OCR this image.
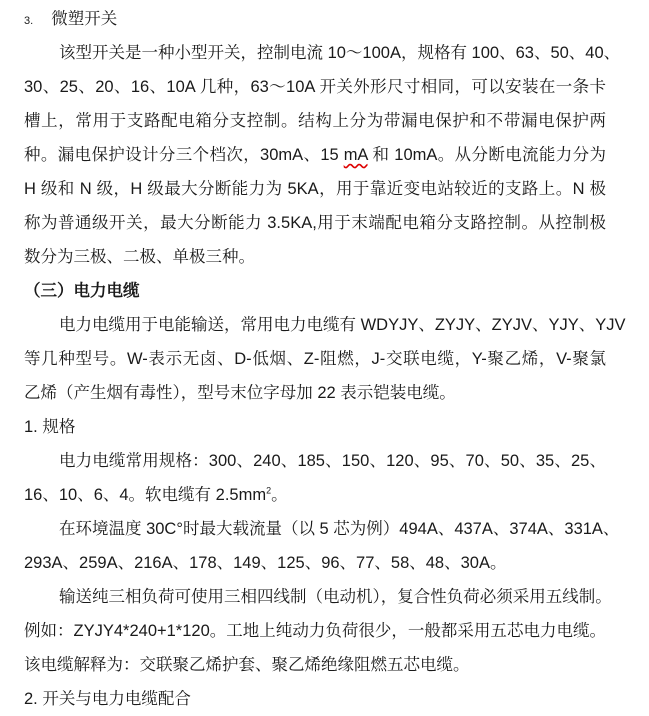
3. 微塑开关
该型开关是一种小型开关，控制电流 10～100A，规格有 100、63、50、40、
30、25、20、16、10A 几种，63～10A 开关外形尺寸相同，可以安装在一条卡
槽上，常用于支路配电箱分支控制。结构上分为带漏电保护和不带漏电保护两
种。漏电保护设计分三个档次，30mA、15 mA 和 10mA。从分断电流能力分为
H 级和 N 级，H 级最大分断能力为 5KA，用于靠近变电站较近的支路上。N 极
称为普通级开关，最大分断能力 3.5KA,用于末端配电箱分支路控制。从控制极
数分为三极、二极、单极三种。
（三）电力电缆
电力电缆用于电能输送，常用电力电缆有 WDYJY、ZYJY、ZYJV、YJY、YJV
等几种型号。W-表示无卤、D-低烟、Z-阻燃，J-交联电缆，Y-聚乙烯，V-聚氯
乙烯（产生烟有毒性），型号末位字母加 22 表示铠装电缆。
1. 规格
电力电缆常用规格：300、240、185、150、120、95、70、50、35、25、
16、10、6、4。软电缆有 $2.5mm^2$。
在环境温度 30C°时最大载流量（以 5 芯为例）494A、437A、374A、331A、
293A、259A、216A、178、149、125、96、77、58、48、30A。
输送纯三相负荷可使用三相四线制（电动机），复合性负荷必须采用五线制。
例如：ZYJY4*240+1*120。工地上纯动力负荷很少，一般都采用五芯电力电缆。
该电缆解释为：交联聚乙烯护套、聚乙烯绝缘阻燃五芯电缆。
2. 开关与电力电缆配合
